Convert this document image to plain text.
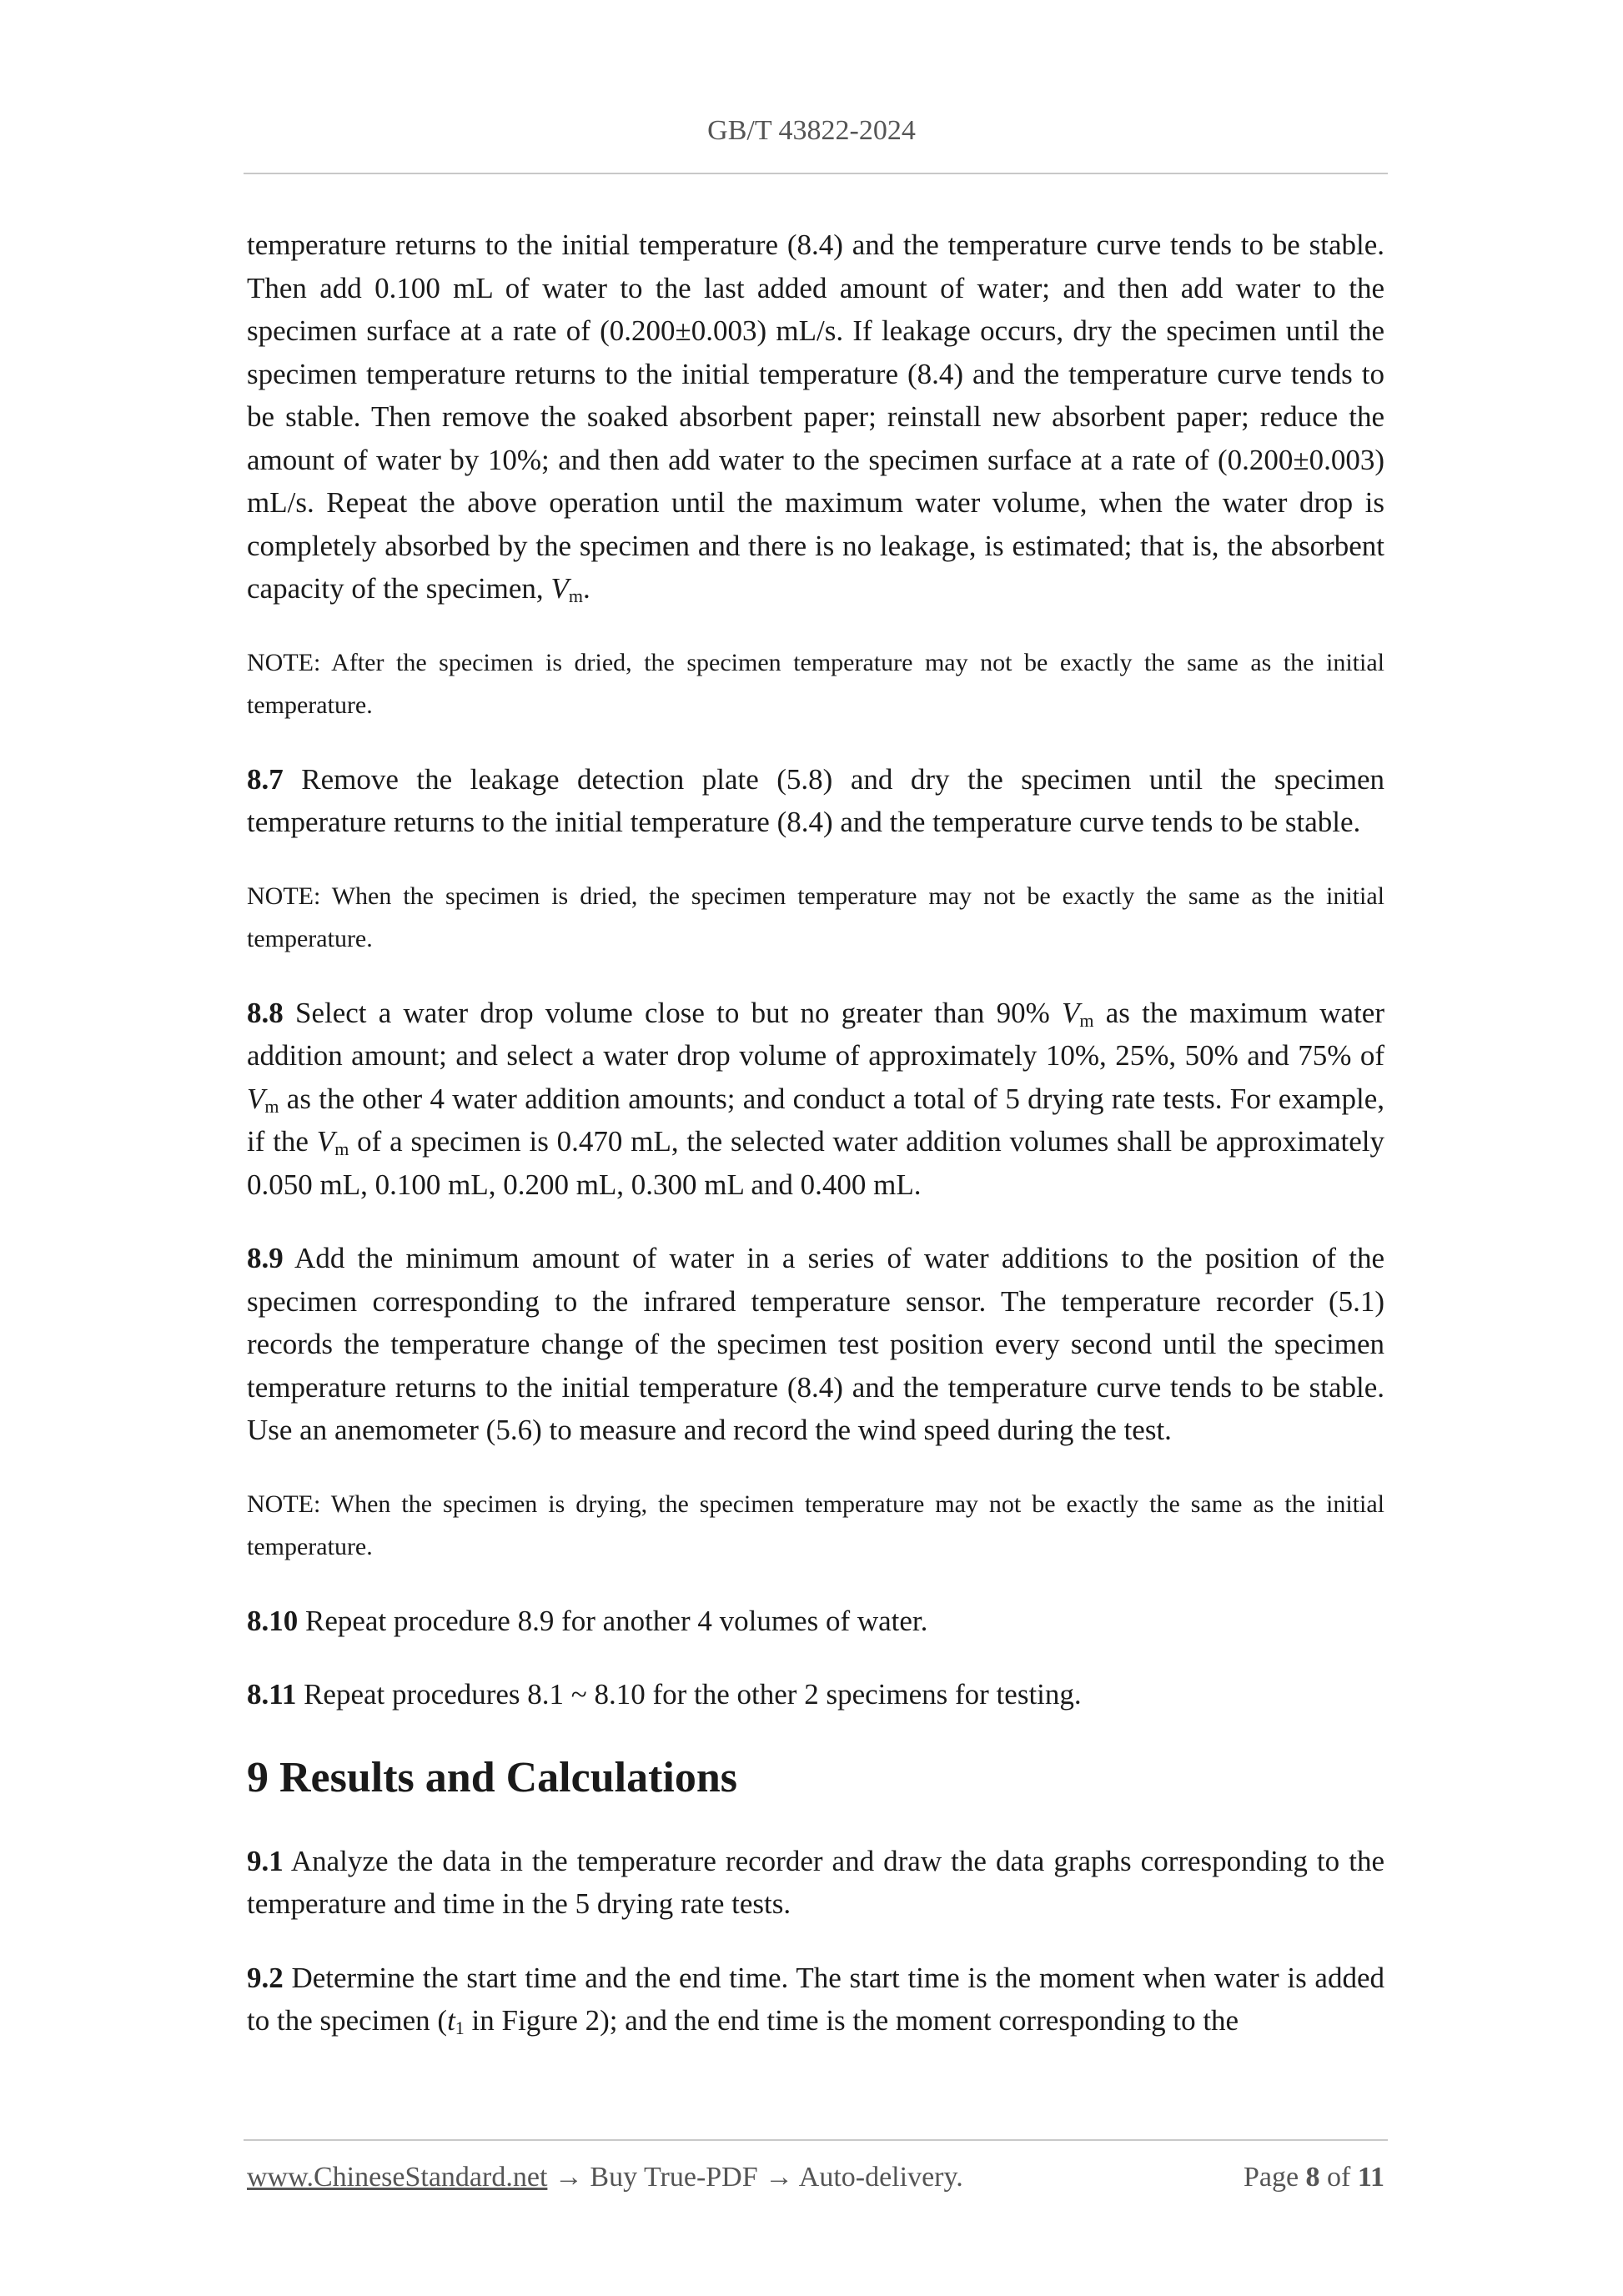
GB/T 43822-2024

temperature returns to the initial temperature (8.4) and the temperature curve tends to be stable. Then add 0.100 mL of water to the last added amount of water; and then add water to the specimen surface at a rate of (0.200±0.003) mL/s. If leakage occurs, dry the specimen until the specimen temperature returns to the initial temperature (8.4) and the temperature curve tends to be stable. Then remove the soaked absorbent paper; reinstall new absorbent paper; reduce the amount of water by 10%; and then add water to the specimen surface at a rate of (0.200±0.003) mL/s. Repeat the above operation until the maximum water volume, when the water drop is completely absorbed by the specimen and there is no leakage, is estimated; that is, the absorbent capacity of the specimen, $V_m$.

NOTE: After the specimen is dried, the specimen temperature may not be exactly the same as the initial temperature.

8.7 Remove the leakage detection plate (5.8) and dry the specimen until the specimen temperature returns to the initial temperature (8.4) and the temperature curve tends to be stable.

NOTE: When the specimen is dried, the specimen temperature may not be exactly the same as the initial temperature.

8.8 Select a water drop volume close to but no greater than 90% $V_m$ as the maximum water addition amount; and select a water drop volume of approximately 10%, 25%, 50% and 75% of $V_m$ as the other 4 water addition amounts; and conduct a total of 5 drying rate tests. For example, if the $V_m$ of a specimen is 0.470 mL, the selected water addition volumes shall be approximately 0.050 mL, 0.100 mL, 0.200 mL, 0.300 mL and 0.400 mL.

8.9 Add the minimum amount of water in a series of water additions to the position of the specimen corresponding to the infrared temperature sensor. The temperature recorder (5.1) records the temperature change of the specimen test position every second until the specimen temperature returns to the initial temperature (8.4) and the temperature curve tends to be stable. Use an anemometer (5.6) to measure and record the wind speed during the test.

NOTE: When the specimen is drying, the specimen temperature may not be exactly the same as the initial temperature.

8.10 Repeat procedure 8.9 for another 4 volumes of water.

8.11 Repeat procedures 8.1 ~ 8.10 for the other 2 specimens for testing.

9 Results and Calculations

9.1 Analyze the data in the temperature recorder and draw the data graphs corresponding to the temperature and time in the 5 drying rate tests.

9.2 Determine the start time and the end time. The start time is the moment when water is added to the specimen ($t_1$ in Figure 2); and the end time is the moment corresponding to the

www.ChineseStandard.net → Buy True-PDF → Auto-delivery.	Page 8 of 11
